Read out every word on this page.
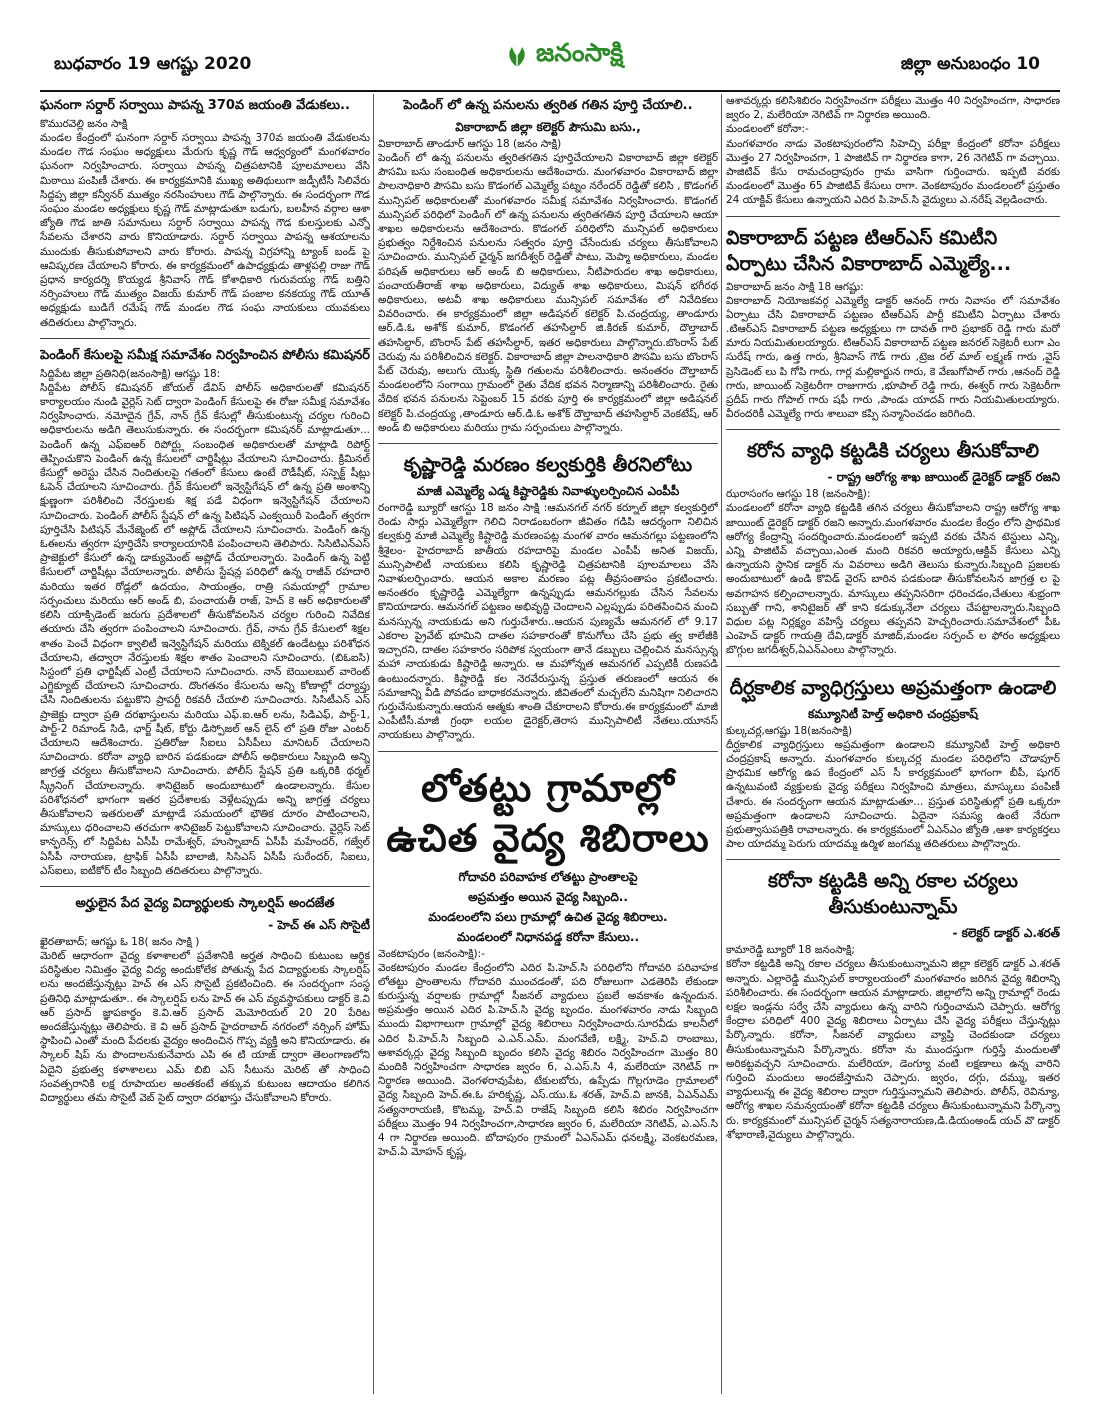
బుధవారం 19 ఆగష్టు 2020	జనంసాక్షి	జిల్లా అనుబంధం 10
ఘనంగా సర్దార్ సర్వాయి పాపన్న 370వ జయంతి వేడుకలు..
కొమురవెల్లి జనం సాక్షి
మండల కేంద్రంలో ఘనంగా సర్దార్ సర్వాయి పాపన్న 370వ జయంతి వేడుకలను మండల గౌడ సంఘం అధ్యక్షులు మేరుగు కృష్ణ గౌడ్ ఆధ్వర్యంలో మంగళవారం ఘనంగా నిర్వహించారు. సర్వాయి పాపన్న చిత్రపటానికి పూలమాలలు వేసి మిఠాయి పంపిణీ చేశారు. ఈ కార్యక్రమానికి ముఖ్య అతిథులుగా జడ్పీటీసీ సిలివేరు సిద్దప్ప జిల్లా కన్వీనర్ ముత్యం నరసింహులు గౌడ్ పాల్గొన్నారు. ఈ సందర్భంగా గౌడ సంఘం మండల అధ్యక్షులు కృష్ణ గౌడ్ మాట్లాడుతూ బడుగు, బలహీన వర్గాల ఆశా జ్యోతి గౌడ జాతి సమానులు సర్దార్ సర్వాయి పాపన్న గౌడ కులస్తులకు ఎన్నో సేవలను చేశారని వారు కొనియాడారు. సర్దార్ సర్వాయి పాపన్న ఆశయాలను ముందుకు తీసుకుపోవాలని వారు కోరారు. పాపన్న విగ్రహాన్ని ట్యాంక్ బండ్ పై ఆవిష్కరణ చేయాలని కోరారు. ఈ కార్యక్రమంలో ఉపాధ్యక్షుడు తాళ్లపల్లి రాజు గౌడ్ ప్రధాన కార్యదర్శి కొయ్యడ శ్రీనివాస్ గౌడ్ కోశాధికారి గురువయ్య గౌడ్ బత్తిని నర్సింహులు గౌడ్ ముత్యం విజయ్ కుమార్ గౌడ్ పంజాల కనకయ్య గౌడ్ యూత్ అధ్యక్షుడు బుడిగే రమేష్ గౌడ్ మండల గౌడ సంఘ నాయకులు యువకులు తదితరులు పాల్గొన్నారు.
పెండింగ్ కేసులపై సమీక్ష సమావేశం నిర్వహించిన పోలీసు కమిషనర్
సిద్దిపేట జిల్లా ప్రతినిధి(జనంసాక్షి) ఆగష్టు 18:
సిద్దిపేట పోలీస్ కమిషనర్ జోయల్ డేవిస్ పోలీస్ అధికారులతో కమిషనర్ కార్యాలయం నుండి వైర్లెస్ సెట్ ద్వారా పెండింగ్ కేసులపై ఈ రోజు సమీక్ష సమావేశం నిర్వహించారు. నమోదైన గ్రేవ్, నాన్ గ్రేవ్ కేసుల్లో తీసుకుంటున్న చర్యల గురించి అధికారులను అడిగి తెలుసుకున్నారు. ఈ సందర్భంగా కమిషనర్ మాట్లాడుతూ... పెండింగ్ ఉన్న ఎఫ్ఐఆర్ రిపోర్ట్లు సంబంధిత అధికారులతో మాట్లాడి రిపోర్ట్ తెప్పించుకొని పెండింగ్ ఉన్న కేసులలో చార్జిషీట్లు వేయాలని సూచించారు. క్రిమినల్ కేసుల్లో అరెస్టు చేసిన నిందితులపై గతంలో కేసులు ఉంటే రౌడీషీట్, సస్పెక్ట్ షీట్లు ఓపెన్ చేయాలని సూచించారు. గ్రేవ్ కేసులలో ఇన్వెస్టిగేషన్ లో ఉన్న ప్రతి అంశాన్ని క్షుణ్ణంగా పరిశీలించి నేరస్తులకు శిక్ష పడే విధంగా ఇన్వెస్టిగేషన్ చేయాలని సూచించారు. పెండింగ్ పోలీస్ స్టేషన్ లో ఉన్న పిటిషన్ ఎంక్వయిరీ పెండింగ్ త్వరగా పూర్తిచేసి పిటిషన్ మేనేజ్మెంట్ లో అప్లోడ్ చేయాలని సూచించారు. పెండింగ్ ఉన్న ఓఈలను త్వరగా పూర్తిచేసి కార్యాలయానికి పంపించాలని తెలిపారు. సిసిటిఎన్ఎస్ ప్రాజెక్టులో కేసులో ఉన్న డాక్యుమెంట్ అప్లోడ్ చేయాలన్నారు. పెండింగ్ ఉన్న పెట్టి కేసులలో చార్జిషీట్లు వేయాలన్నారు. పోలీసు స్టేషన్ల పరిధిలో ఉన్న రాజీవ్ రహదారి మరియు ఇతర రోడ్లలో ఉదయం, సాయంత్రం, రాత్రి సమయాల్లో గ్రామాల సర్పంచులు మరియు ఆర్ అండ్ బి, పంచాయతీ రాజ్, హెచ్ కె ఆర్ అధికారులతో కలిసి యాక్సిడెంట్ జరుగు ప్రదేశాలలో తీసుకోవలసిన చర్యల గురించి నివేదిక తయారు చేసి త్వరగా పంపించాలని సూచించారు. గ్రేవ్, నాను గ్రేవ్ కేసులలో శిక్షల శాతం పెంచే విధంగా క్వాలిటీ ఇన్వెస్టిగేషన్ మరియు టెక్నికల్ ఉండేటట్లు పరిశోధన చేయాలని, తద్వారా నేరస్తులకు శిక్షల శాతం పెంచాలని సూచించారు. (బిఓఐసి) సిస్టంలో ప్రతి ఛార్జిషీట్ ఎంట్రీ చేయాలని సూచించారు. నాన్ బెయిలబుల్ వారెంట్ ఎగ్జిక్యూట్ చేయాలని సూచించారు. దొంగతనం కేసులను అన్ని కోణాల్లో దర్యాప్తు చేసి నిందితులను పట్టుకొని ప్రాపర్టీ రికవరీ చేయాలి సూచించారు. సిసిటీఎన్ ఎస్ ప్రాజెక్టు ద్వారా ప్రతి దరఖాస్తులను మరియు ఎఫ్.ఐ.ఆర్ లను, సిడిఎఫ్, పార్ట్-1, పార్ట్-2 రిమాండ్ సిడి, ఛార్జ్ షీట్, కోర్టు డిస్పోజల్ ఆన్ లైన్ లో ప్రతి రోజు ఎంటర్ చేయాలని ఆదేశించారు. ప్రతిరోజు సీఐలు ఏసీపీలు మానిటర్ చేయాలని సూచించారు. కరోనా వ్యాధి బారిన పడకుండా పోలీస్ అధికారులు సిబ్బంది అన్ని జాగ్రత్త చర్యలు తీసుకోవాలని సూచించారు. పోలీస్ స్టేషన్ ప్రతి ఒక్కరికి థర్మల్ స్క్రీనింగ్ చేయాలన్నారు. శానిటైజర్ అందుబాటులో ఉండాలన్నారు. కేసుల పరిశోధనలో భాగంగా ఇతర ప్రదేశాలకు వెళ్లేటప్పుడు అన్ని జాగ్రత్త చర్యలు తీసుకోవాలని ఇతరులతో మాట్లాడే సమయంలో భౌతిక దూరం పాటించాలని, మాస్కులు ధరించాలని తరచుగా శానిటైజర్ పెట్టుకోవాలని సూచించారు. వైర్లెస్ సెట్ కాన్ఫరెన్స్ లో సిద్దిపేట ఏసీపీ రామేశ్వర్, హుస్నాబాద్ ఏసీపీ మహేందర్, గజ్వేల్ ఏసీపీ నారాయణ, ట్రాఫిక్ ఏసీపీ బాలాజీ, సిసిఎస్ ఏసీపీ సురేందర్, సిఐలు, ఎస్ఐలు, ఐటీకోర్ టీం సిబ్బంది తదితరులు పాల్గొన్నారు.
అర్హులైన పేద వైద్య విద్యార్థులకు స్కాలర్షిప్ అందజేత
- హెచ్ ఈ ఎస్ సొసైటీ
ఖైరతాబాద్; ఆగష్టు ఓ 18( జనం సాక్షి )
మెరిట్ ఆధారంగా వైద్య కళాశాలలో ప్రవేశానికి అర్హత సాధించి కుటుంబ ఆర్థిక పరిస్థితుల నిమిత్తం వైద్య విద్య అందుకోలేక పోతున్న పేద విద్యార్థులకు స్కాలర్షిప్ లను అందజేస్తున్నట్లు హెచ్ ఈ ఎస్ సొసైటీ ప్రకటించింది. ఈ సందర్భంగా సంస్థ ప్రతినిధి మాట్లాడుతూ.. ఈ స్కాలర్షిప్ లను హెచ్ ఈ ఎస్ వ్యవస్థాపకులు డాక్టర్ కె.వి ఆర్ ప్రసాద్ జ్ఞాపకార్థం కె.వి.ఆర్ ప్రసాద్ మెమోరియల్ 20 20 పేరిట అందజేస్తున్నట్లు తెలిపారు. కె వి ఆర్ ప్రసాద్ హైదరాబాద్ నగరంలో నర్సింగ్ హోమ్ స్థాపించి ఎంతో మంది పేదలకు వైద్యం అందించిన గొప్ప వ్యక్తి అని కొనియాడారు. ఈ స్కాలర్ షిప్ ను పొందాలనుకునేవారు ఎపి ఈ టి యాజ్ ద్వారా తెలంగాణలోని ఏదైని ప్రభుత్వ కళాశాలలు ఎమ్ బిబి ఎస్ సీటును మెరిట్ తో సాధించి సంవత్సరానికి లక్ష రూపాయల అంతకంటే తక్కువ కుటుంబ ఆదాయం కలిగిన విద్యార్థులు తమ సొసైటీ వెబ్ సైట్ ద్వారా దరఖాస్తు చేసుకోవాలని కోరారు.
పెండింగ్ లో ఉన్న పనులను త్వరిత గతిన పూర్తి చేయాలి..
వికారాబాద్ జిల్లా కలెక్టర్ పౌసుమి బసు.,
వికారాబాద్ తాండూర్ ఆగస్టు 18 (జనం సాక్షి)
పెండింగ్ లో ఉన్న పనులను త్వరితగతిన పూర్తిచేయాలని వికారాబాద్ జిల్లా కలెక్టర్ పౌసమి బసు సంబంధిత అధికారులను ఆదేశించారు. మంగళవారం వికారాబాద్ జిల్లా పాలనాధికారి పౌసమి బసు కొడంగల్ ఎమ్మెల్యే పట్నం నరేందర్ రెడ్డితో కలిసి , కొడంగల్ మున్సిపల్ అధికారులతో మంగళవారం సమీక్ష సమావేశం నిర్వహించారు. కొడంగల్ మున్సిపల్ పరిధిలో పెండింగ్ లో ఉన్న పనులను త్వరితగతిన పూర్తి చేయాలని ఆయా శాఖల అధికారులను ఆదేశించారు. కొడంగల్ పరిధిలోని మున్సిపల్ అధికారులు ప్రభుత్వం నిర్దేశించిన పనులను సత్వరం పూర్తి చేసేందుకు చర్యలు తీసుకోవాలని సూచించారు. మున్సిపల్ ఛైర్మన్ జగదీశ్వర్ రెడ్డితో పాటు, మెప్మా అధికారులు, మండల పరిషత్ అధికారులు ఆర్ అండ్ బి అధికారులు, నీటిపారుదల శాఖ అధికారులు, పంచాయతీరాజ్ శాఖ అధికారులు, విద్యుత్ శాఖ అధికారులు, మిషన్ భగీరథ అధికారులు, అటవీ శాఖ అధికారులు మున్సిపల్ సమావేశం లో నివేదికలు వివరించారు. ఈ కార్యక్రమంలో జిల్లా అడిషనల్ కలెక్టర్ పి.చంద్రయ్య, తాండూరు ఆర్.డి.ఓ అశోక్ కుమార్, కొడంగల్ తహసిల్దార్ జి.కిరణ్ కుమార్, దౌల్తాబాద్ తహసిల్దార్, బొంరాస్ పేట్ తహసీల్దార్, ఇతర అధికారులు పాల్గొన్నారు.బొంరాస్ పేట్ చెరువు ను పరిశీలించిన కలెక్టర్. వికారాబాద్ జిల్లా పాలనాధికారి పౌసమి బసు బొంరాస్ పేట్ చెరువు, అలుగు యొక్క స్థితి గతులను పరిశీలించారు. అనంతరం దౌల్తాబాద్ మండలంలోని సంగాయి గ్రామంలో రైతు వేదిక భవన నిర్మాణాన్ని పరిశీలించారు. రైతు వేదిక భవన పనులను సెప్టెంబర్ 15 వరకు పూర్తి ఈ కార్యక్రమంలో జిల్లా అడిషనల్ కలెక్టర్ పి.చంద్రయ్య ,తాండూరు ఆర్.డి.ఓ అశోక్ దౌల్తాబాద్ తహసిల్దార్ వెంకటేష్, ఆర్ అండ్ బి అధికారులు మరియు గ్రామ సర్పంచులు పాల్గొన్నారు.
కృష్ణారెడ్డి మరణం కల్వకుర్తికి తీరనిలోటు
మాజీ ఎమ్మెల్యే ఎడ్మ కిష్టారెడ్డికు నివాళ్ళులర్పించిన ఎంపీపీ
రంగారెడ్డి బ్యూరో ఆగస్టు 18 జనం సాక్షి :ఆమనగల్ నగర్ కర్నూల్ జిల్లా కల్వకుర్తిలో రెండు సార్లు ఎమ్మెల్యేగా గెలిచి నిరాడంబరంగా జీవితం గడిపి ఆదర్శంగా నిలిచిన కల్వకుర్తి మాజీ ఎమ్మెల్యే కిష్టారెడ్డి మరణంపట్ల మంగళ వారం ఆమనగల్లు పట్టణంలోని శ్రీశైలం- హైదరాబాద్ జాతీయ రహదారిపై మండల ఎంపీపీ అనిత విజయ్, మున్సిపాలిటీ నాయకులు కలిసి కృష్ణారెడ్డి చిత్రపటానికి పూలమాలలు వేసి నివాళులర్పించారు. ఆయన అకాల మరణం పట్ల తీవ్రసంతాపం ప్రకటించారు. అనంతరం కృష్ణారెడ్డి ఎమ్మెల్యేగా ఉన్నప్పుడు ఆమనగల్లుకు చేసిన సేవలను కొనియాడారు. ఆమనగల్ పట్టణం అభివృద్ధి చెందాలని ఎల్లప్పుడు పరితపించిన మంచి మనస్సున్న నాయకుడు అని గుర్తుచేశారు..ఆయన పుణ్యమే ఆమనగల్ లో 9.17 ఎకరాల ప్రైవేట్ భూమిని దాతల సహకారంతో కొనుగోలు చేసి ప్రభు త్వ కాలేజీకి ఇచ్చారని, దాతల సహకారం సరిపోక స్వయంగా తానే డబ్బులు చెల్లించిన మనస్సున్న మహా నాయకుడు కిష్టారెడ్డి అన్నారు. ఆ మహోన్నత ఆమనగల్ ఎప్పటికీ రుణపడి ఉంటుందన్నారు. కిష్టారెడ్డి కల నెరవేరుస్తున్న ప్రస్తుత తరుణంలో ఆయన ఈ సమాజాన్ని వీడి పోవడం బాధాకరమన్నారు. జీవితంలో మచ్చలేని మనిషిగా నిలిచారని గుర్తుచేసుకున్నారు.ఆయన ఆత్మకు శాంతి చేకూరాలని కోరారు.ఈ కార్యక్రమంలో మాజీ ఎంపీటీసీ.మాజీ గ్రంథా లయల డైరెక్టర్,తెరాస మున్సిపాలిటీ నేతలు.యూనస్ నాయకులు పాల్గొన్నారు.
లోతట్టు గ్రామాల్లో
ఉచిత వైద్య శిబిరాలు
గోదావరి పరివాహక లోతట్టు ప్రాంతాలపై
అప్రమత్తం అయిన వైద్య సిబ్బంది..
మండలంలోని పలు గ్రామాల్లో ఉచిత వైద్య శిబిరాలు.
మండలంలో నిధానపడ్డ కరోనా కేసులు..
వెంకటాపురం (జనంసాక్షి):-
వెంకటాపురం మండల కేంద్రంలోని ఎదిర పి.హెచ్.సి పరిధిలోని గోదావరి పరివాహక లోతట్టు ప్రాంతాలను గోదావరి ముంచడంతో, పది రోజులుగా ఎడతెరిపి లేకుండా కురుస్తున్న వర్షాలకు గ్రామాల్లో సీజనల్ వ్యాధులు ప్రబలే అవకాశం ఉన్నందున. అప్రమత్తం అయిన ఎదిర పి.హెచ్.సి వైద్య బృందం. మంగళవారం నాడు సిబ్బంది ముందు విభాగాలుగా గ్రామాల్లో వైద్య శిబిరాలు నిర్వహించారు.సూరవీడు కాలనీలో ఎదిర పి.హెచ్.సి సిబ్బంది ఎ.ఎన్.ఎమ్. మంగవేణి, లక్ష్మి, హెచ్.వి రాంబాబు, ఆశావర్కర్లు వైద్య సిబ్బంది బృందం కలిసి వైద్య శిబిరం నిర్వహించగా మొత్తం 80 మందికి నిర్వహించగా సాధారణ జ్వరం 6, ఎ.ఎస్.సి 4, మలేరియా నెగిటివ్ గా నిర్థారణ అయింది. వెంగళరావుపేట, టేకులబోరు, ఉప్పేడు గొల్లగూడెం గ్రామాలలో వైద్య సిబ్బంది హెచ్.ఈ.ఓ హరికృష్ణ, ఎస్.యు.ఓ శరత్, హెచ్.వి జానకి, ఏఎన్ఎమ్ సత్యనారాయణి, కొటమ్మ, హెచ్.వి రాజేష్ సిబ్బంది కలిసి శిబిరం నిర్వహించగా పరీక్షలు మొత్తం 94 నిర్వహించగా,సాధారణ జ్వరం 6, మలేరియా నెగిటివ్, ఎ.ఎస్.సి 4 గా నిర్థారణ అయింది. బోదాపురం గ్రామంలో ఏఎన్ఎమ్ ధనలక్ష్మి, వెంకటరమణ, హెచ్.ఏ మోహన్ కృష్ణ,
ఆశావర్కర్లు కలిసిశిబిరం నిర్వహించగా పరీక్షలు మొత్తం 40 నిర్వహించగా, సాధారణ జ్వరం 2, మలేరియా నెగిటివ్ గా నిర్థారణ అయింది.
మండలంలో కరోనా:-
మంగళవారం నాడు వెంకటాపురంలోని సిహెచ్సి పరీక్షా కేంద్రంలో కరోనా పరీక్షలు మొత్తం 27 నిర్వహించగా, 1 పాజిటివ్ గా నిర్థారణ కాగా, 26 నెగెటివ్ గా వచ్చాయి. పాజిటివ్ కేసు రామచంద్రాపురం గ్రామ వాసిగా గుర్తించారు. ఇప్పటి వరకు మండలంలో మొత్తం 65 పాజిటివ్ కేసులు రాగా. వెంకటాపురం మండలంలో ప్రస్తుతం 24 యాక్టివ్ కేసులు ఉన్నాయని ఎదిర పి.హెచ్.సి వైద్యులు ఎ.నరేష్ వెల్లడించారు.
వికారాబాద్ పట్టణ టిఆర్ఎస్ కమిటీని ఏర్పాటు చేసిన వికారాబాద్ ఎమ్మెల్యే...
వికారాబాద్ జనం సాక్షి 18 ఆగష్టు:
వికారాబాద్ నియోజకవర్గ ఎమ్మెల్యే డాక్టర్ ఆనంద్ గారు నివాసం లో సమావేశం ఏర్పాటు చేసి వికారాబాద్ పట్టణం టిఆర్ఎస్ పార్టీ కమిటీని ఏర్పాటు చేశారు .టిఆర్ఎస్ వికారాబాద్ పట్టణ అధ్యక్షులు గా దావత్ గారి ప్రభాకర్ రెడ్డి గారు మరో మారు నియమితులయ్యారు. టిఆర్ఎస్ వికారాబాద్ పట్టణ జనరల్ సెక్రెటరీ లుగా ఎం సురేష్ గారు, ఉత్త గారు, శ్రీనివాస్ గౌడ్ గారు ,ట్రెజ రల్ మాల్ లక్ష్మణ్ గారు ,వైస్ ప్రెసిడెంట్ లు పి గోపి గారు, గార్ల మల్లికార్జున గారు, కె వేణుగోపాల్ గారు ,ఆనంద్ రెడ్డి గారు, జాయింట్ సెక్రెటరీగా రాజుగారు ,భూపాల్ రెడ్డి గారు, ఈశ్వర్ గారు సెక్రెటరీగా ప్రదీప్ గారు గోపాల్ గారు షఫీ గారు ,పాండు యాదవ్ గారు నియమితులయ్యారు. వీరందరికీ ఎమ్మెల్యే గారు శాలువా కప్పి సన్మానించడం జరిగింది.
కరోన వ్యాధి కట్టడికి చర్యలు తీసుకోవాలి
- రాష్ట్ర ఆరోగ్య శాఖ జాయింట్ డైరెక్టర్ డాక్టర్ రజని
ఝరాసంగం ఆగస్టు 18 (జనంసాక్షి):
మండలంలో కరోనా వ్యాధి కట్టడికి తగిన చర్యలు తీసుకోవాలని రాష్ట్ర ఆరోగ్య శాఖ జాయింట్ డైరెక్టర్ డాక్టర్ రజని అన్నారు.మంగళవారం మండల కేంద్రం లోని ప్రాథమిక ఆరోగ్య కేంద్రాన్ని సందర్శించారు.మండలంలో ఇప్పటి వరకు చేసిన టెస్టులు ఎన్ని, ఎన్ని పాజిటివ్ వచ్చాయి,ఎంత మంది రికవరి అయ్యారు,ఆక్టివ్ కేసులు ఎన్ని ఉన్నాయని స్థానిక డాక్టర్ ను వివరాలు అడిగి తెలుసు కున్నారు.సిబ్బంది ప్రజలకు అందుబాటులో ఉండి కొవిడ్ వైరస్ బారిన పడకుండా తీసుకోవలసిన జాగ్రత్త ల పై అవగాహన కల్పించాలన్నారు. మాస్కులు తప్పనిసరిగా ధరించడం,చేతులు శుభ్రంగా సబ్బుతో గాని, శానిటైజర్ తో కాని కడుక్కునేలా చర్యలు చేపట్టాలన్నారు.సిబ్బంది విధుల పట్ల నిర్లక్ష్యం వహిస్తే చర్యలు తప్పవని హెచ్చరించారు.సమావేశంలో పీఓ ఎంహెచ్ డాక్టర్ గాయత్రి దేవి,డాక్టర్ మాజిద్,మండల సర్పంచ్ ల ఫోరం అధ్యక్షులు బొగ్గుల జగదీశ్వర్,ఏఎన్ఎంలు పాల్గొన్నారు.
దీర్ఘకాలిక వ్యాధిగ్రస్తులు అప్రమత్తంగా ఉండాలి
కమ్యూనిటీ హెల్త్ అధికారి చంద్రప్రకాష్
కుల్కచర్ల,ఆగష్టు 18(జనంసాక్షి)
దీర్ఘకాలిక వ్యాధిగ్రస్తులు అప్రమత్తంగా ఉండాలని కమ్యూనిటీ హెల్త్ అధికారి చంద్రప్రకాష్ అన్నారు. మంగళవారం కుల్కచర్ల మండల పరిధిలోని చౌడాపూర్ ప్రాథమిక ఆరోగ్య ఉప కేంద్రంలో ఎస్ సీ కార్యక్రమంలో భాగంగా బీపీ, షుగర్ ఉన్నటువంటి వ్యక్తులకు వైద్య పరీక్షలు నిర్వహించి మాత్రలు, మాస్కులు పంపిణీ చేశారు. ఈ సందర్భంగా ఆయన మాట్లాడుతూ... ప్రస్తుత పరిస్థితుల్లో ప్రతి ఒక్కరూ అప్రమత్తంగా ఉండాలని సూచించారు. ఏదైనా సమస్య ఉంటే నేరుగా ప్రభుత్వాసుపత్రికి రావాలన్నారు. ఈ కార్యక్రమంలో ఏఎన్ఎం జ్యోతి ,ఆశా కార్యకర్తలు పాల యాదమ్మ పెరుగు యాదమ్మ ఉర్మిళ జంగమ్మ తదితరులు పాల్గొన్నారు.
కరోనా కట్టడికి అన్ని రకాల చర్యలు తీసుకుంటున్నామ్
- కలెక్టర్ డాక్టర్ ఎ.శరత్
కామారెడ్డి బ్యూరో 18 జనంసాక్షి;
కరోనా కట్టడికి అన్ని రకాల చర్యలు తీసుకుంటున్నామని జిల్లా కలెక్టర్ డాక్టర్ ఎ.శరత్ అన్నారు. ఎల్లారెడ్డి మున్సిపల్ కార్యాలయంలో మంగళవారం జరిగిన వైద్య శిబిరాన్ని పరిశీలించారు. ఈ సందర్భంగా ఆయన మాట్లాడారు. జిల్లాలోని అన్ని గ్రామాల్లో రెండు లక్షల ఇండ్లను సర్వే చేసి వ్యాధులు ఉన్న వారిని గుర్తించామని చెప్పారు. ఆరోగ్య కేంద్రాల పరిధిలో 400 వైద్య శిబిరాలు ఏర్పాటు చేసి వైద్య పరీక్షలు చేస్తున్నట్లు పేర్కొన్నారు. కరోనా, సీజనల్ వ్యాధులు వ్యాప్తి చెందకుండా చర్యలు తీసుకుంటున్నామని పేర్కొన్నారు. కరోనా ను ముందస్తుగా గుర్తిస్తే మందులతో అరికట్టవచ్చని సూచించారు. మలేరియా, డెంగ్యూ వంటి లక్షణాలు ఉన్న వారిని గుర్తించి మందులు అందజేస్తామని చెప్పారు. జ్వరం, దగ్గు, దమ్ము, ఇతర వ్యాధులున్న ఈ వైద్య శిబిరాల ద్వారా గుర్తిస్తున్నామని తెలిపారు. పోలీస్, రెవిన్యూ, ఆరోగ్య శాఖల సమన్వయంతో కరోనా కట్టడికి చర్యలు తీసుకుంటున్నామని పేర్కొన్నా రు. కార్యక్రమంలో మున్సిపల్ చైర్మన్ సత్యనారాయణ,డి.డియంఅండ్ యచ్ వొ డాక్టర్ శోభారాణి,వైద్యులు పాల్గొన్నారు.
